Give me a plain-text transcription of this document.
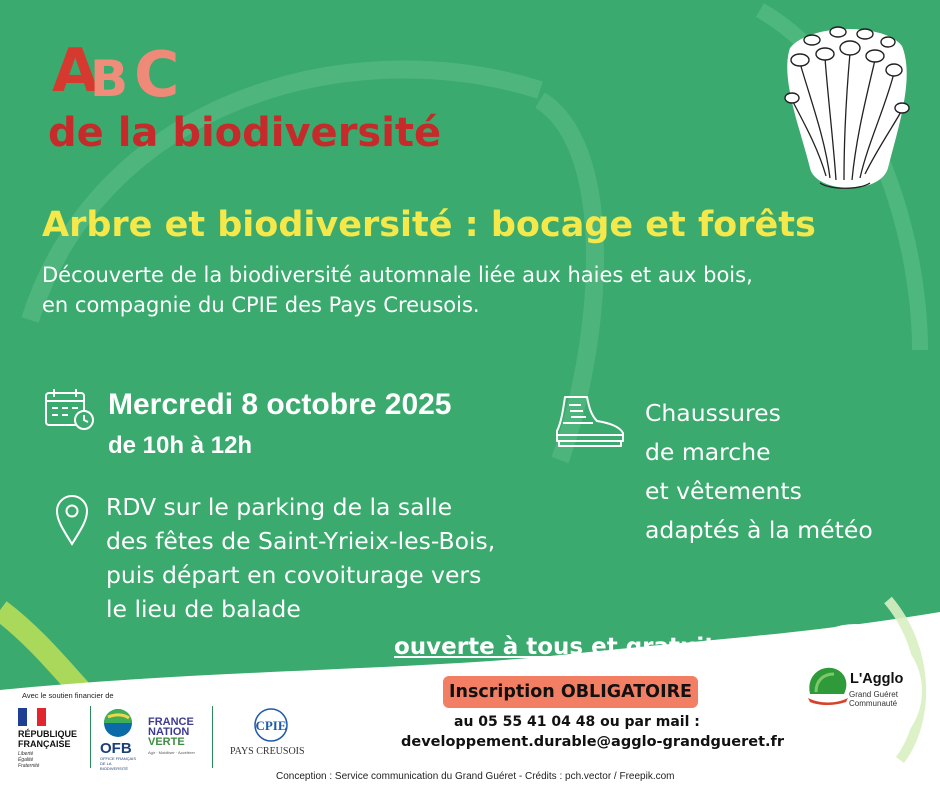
A
B C
de la biodiversité
Arbre et biodiversité : bocage et forêts
Découverte de la biodiversité automnale liée aux haies et aux bois,
en compagnie du CPIE des Pays Creusois.
Mercredi 8 octobre 2025
de 10h à 12h
RDV sur le parking de la salle
des fêtes de Saint-Yrieix-les-Bois,
puis départ en covoiturage vers
le lieu de balade
Chaussures
de marche
et vêtements
adaptés à la météo
ouverte à tous et gratuite
Inscription OBLIGATOIRE
au 05 55 41 04 48 ou par mail :
developpement.durable@agglo-grandgueret.fr
Avec le soutien financier de
RÉPUBLIQUE
FRANÇAISE
Liberté
Égalité
Fraternité
OFB
OFFICE FRANÇAIS DE LA BIODIVERSITÉ
FRANCE
NATION
VERTE
Agir · Mobiliser · Accélérer
CPIE
PAYS CREUSOIS
L'Agglo
Grand Guéret
Communauté
Conception : Service communication du Grand Guéret - Crédits : pch.vector / Freepik.com
